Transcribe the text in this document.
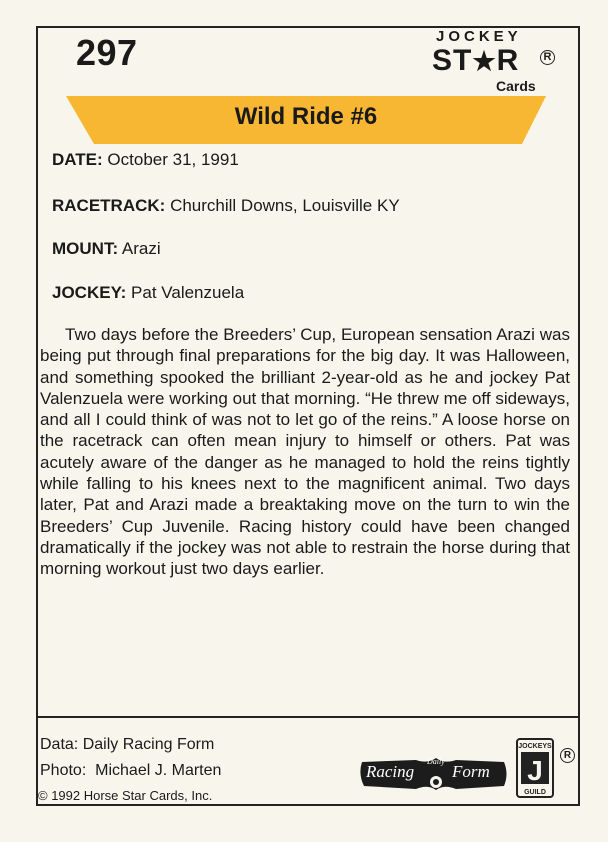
297	JOCKEY
ST★R	R
Cards
Wild Ride #6
DATE: October 31, 1991
RACETRACK: Churchill Downs, Louisville KY
MOUNT: Arazi
JOCKEY: Pat Valenzuela

Two days before the Breeders’ Cup, European sensation Arazi was being put through final preparations for the big day. It was Halloween, and something spooked the brilliant 2-year-old as he and jockey Pat Valenzuela were working out that morning. “He threw me off sideways, and all I could think of was not to let go of the reins.” A loose horse on the racetrack can often mean injury to himself or others. Pat was acutely aware of the danger as he managed to hold the reins tightly while falling to his knees next to the magnificent animal. Two days later, Pat and Arazi made a breaktaking move on the turn to win the Breeders’ Cup Juvenile. Racing history could have been changed dramatically if the jockey was not able to restrain the horse during that morning workout just two days earlier.

Data: Daily Racing Form
Photo:  Michael J. Marten
© 1992 Horse Star Cards, Inc.
Racing
Daily
Form
JOCKEYS
J
GUILD
R
